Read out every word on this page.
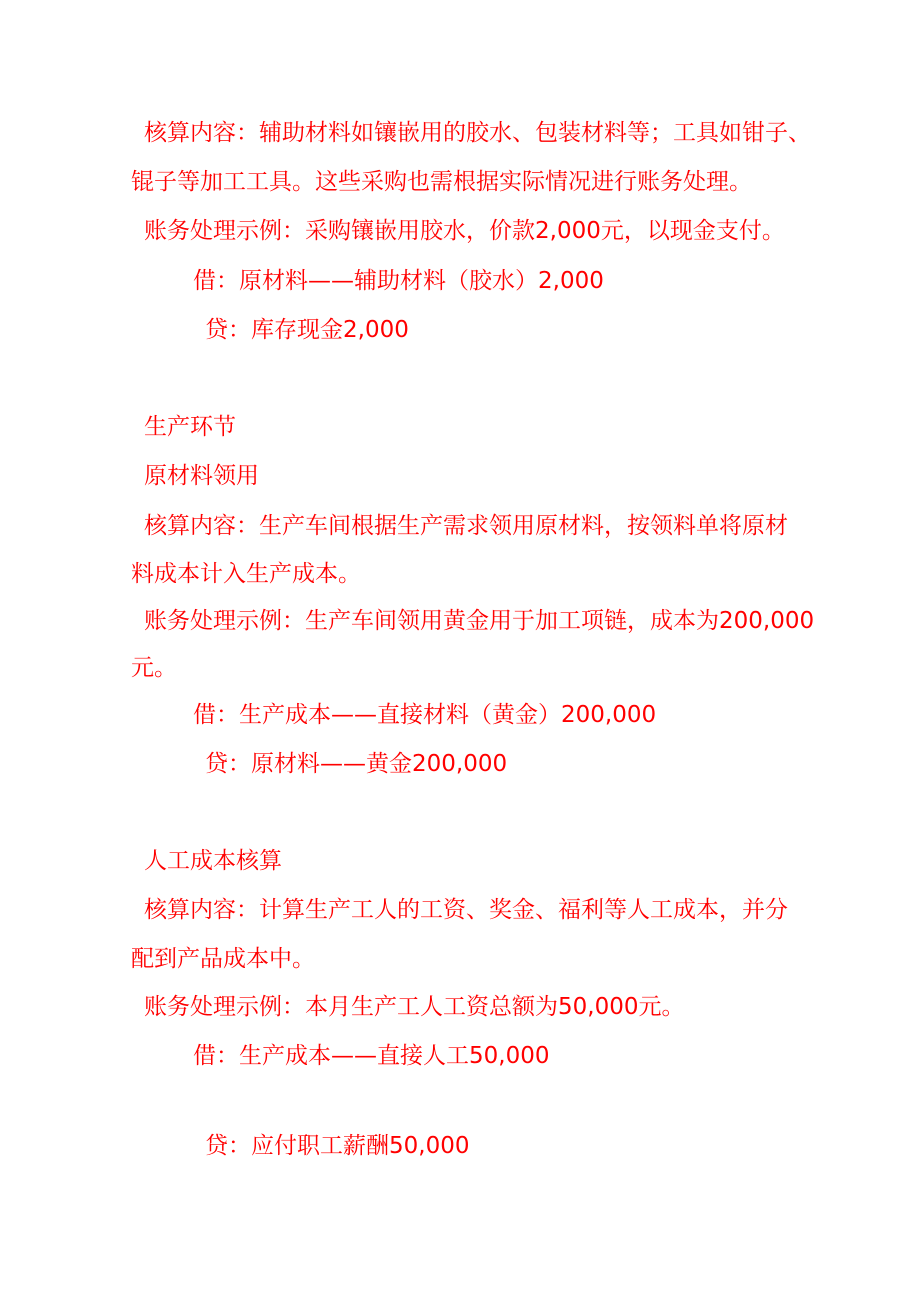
核算内容：辅助材料如镶嵌用的胶水、包装材料等；工具如钳子、
锟子等加工工具。这些采购也需根据实际情况进行账务处理。
账务处理示例：采购镶嵌用胶水，价款2,000元，以现金支付。
借：原材料——辅助材料（胶水）2,000
贷：库存现金2,000
生产环节
原材料领用
核算内容：生产车间根据生产需求领用原材料，按领料单将原材
料成本计入生产成本。
账务处理示例：生产车间领用黄金用于加工项链，成本为200,000
元。
借：生产成本——直接材料（黄金）200,000
贷：原材料——黄金200,000
人工成本核算
核算内容：计算生产工人的工资、奖金、福利等人工成本，并分
配到产品成本中。
账务处理示例：本月生产工人工资总额为50,000元。
借：生产成本——直接人工50,000
贷：应付职工薪酬50,000
